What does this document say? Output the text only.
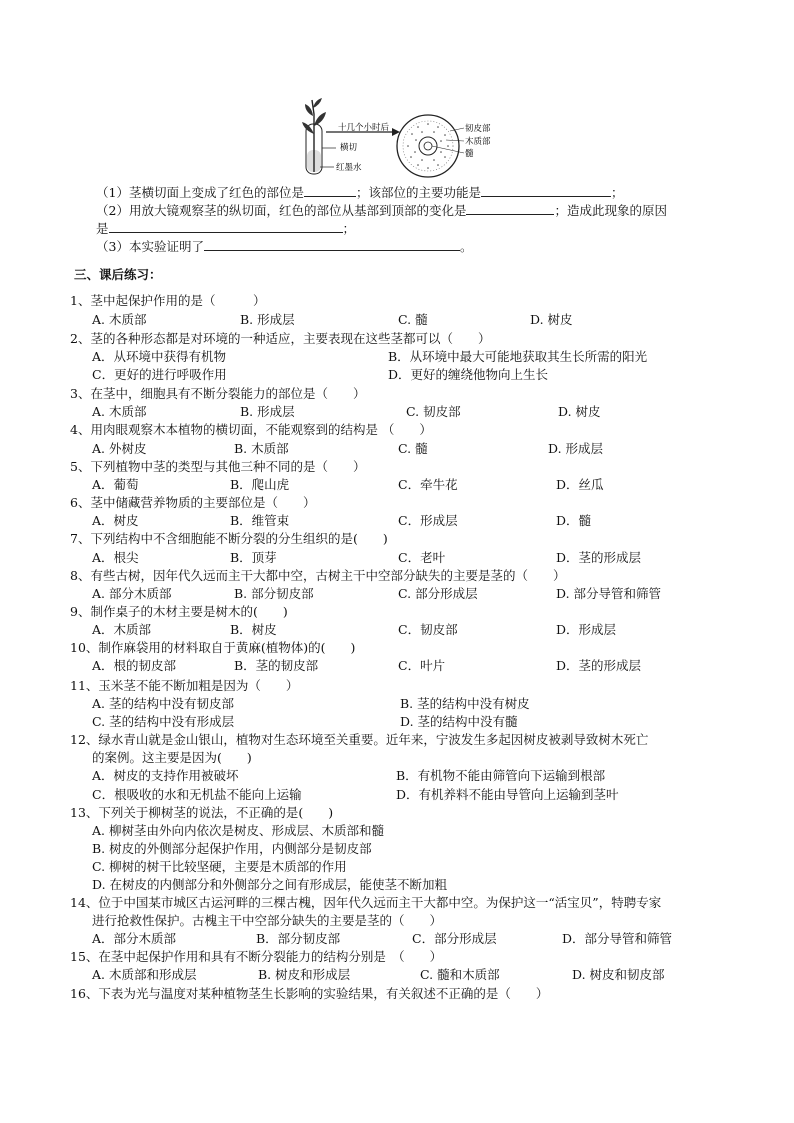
十几个小时后
横切
红墨水
韧皮部
木质部
髓
（1）茎横切面上变成了红色的部位是	；该部位的主要功能是	；
（2）用放大镜观察茎的纵切面，红色的部位从基部到顶部的变化是	；造成此现象的原因
是	；
（3）本实验证明了	。
三、课后练习：
1、茎中起保护作用的是（　　　）
A. 木质部	B. 形成层	C. 髓	D. 树皮
2、茎的各种形态都是对环境的一种适应，主要表现在这些茎都可以（　　）
A．从环境中获得有机物	B．从环境中最大可能地获取其生长所需的阳光
C．更好的进行呼吸作用	D．更好的缠绕他物向上生长
3、在茎中，细胞具有不断分裂能力的部位是（　　）
A. 木质部	B. 形成层	C. 韧皮部	D. 树皮
4、用肉眼观察木本植物的横切面，不能观察到的结构是 （　　）
A. 外树皮	B. 木质部	C. 髓	D. 形成层
5、下列植物中茎的类型与其他三种不同的是（　　）
A．葡萄	B．爬山虎	C．牵牛花	D．丝瓜
6、茎中储藏营养物质的主要部位是（　　）
A．树皮	B．维管束	C．形成层	D．髓
7、下列结构中不含细胞能不断分裂的分生组织的是(　　)
A．根尖	B．顶芽	C．老叶	D．茎的形成层
8、有些古树，因年代久远而主干大都中空，古树主干中空部分缺失的主要是茎的（　　）
A. 部分木质部	B. 部分韧皮部	C. 部分形成层	D. 部分导管和筛管
9、制作桌子的木材主要是树木的(　　)
A．木质部	B．树皮	C．韧皮部	D．形成层
10、制作麻袋用的材料取自于黄麻(植物体)的(　　)
A．根的韧皮部	B．茎的韧皮部	C．叶片	D．茎的形成层
11、玉米茎不能不断加粗是因为（　　）
A. 茎的结构中没有韧皮部	B. 茎的结构中没有树皮
C. 茎的结构中没有形成层	D. 茎的结构中没有髓
12、绿水青山就是金山银山，植物对生态环境至关重要。近年来，宁波发生多起因树皮被剥导致树木死亡
的案例。这主要是因为(　　)
A．树皮的支持作用被破坏	B．有机物不能由筛管向下运输到根部
C．根吸收的水和无机盐不能向上运输	D．有机养料不能由导管向上运输到茎叶
13、下列关于柳树茎的说法，不正确的是(　　)
A. 柳树茎由外向内依次是树皮、形成层、木质部和髓
B. 树皮的外侧部分起保护作用，内侧部分是韧皮部
C. 柳树的树干比较坚硬，主要是木质部的作用
D. 在树皮的内侧部分和外侧部分之间有形成层，能使茎不断加粗
14、位于中国某市城区古运河畔的三棵古槐，因年代久远而主干大都中空。为保护这一“活宝贝”，特聘专家
进行抢救性保护。古槐主干中空部分缺失的主要是茎的（　　）
A．部分木质部	B．部分韧皮部	C．部分形成层	D．部分导管和筛管
15、在茎中起保护作用和具有不断分裂能力的结构分别是　（　　）
A. 木质部和形成层	B. 树皮和形成层	C. 髓和木质部	D. 树皮和韧皮部
16、下表为光与温度对某种植物茎生长影响的实验结果，有关叙述不正确的是（　　）
